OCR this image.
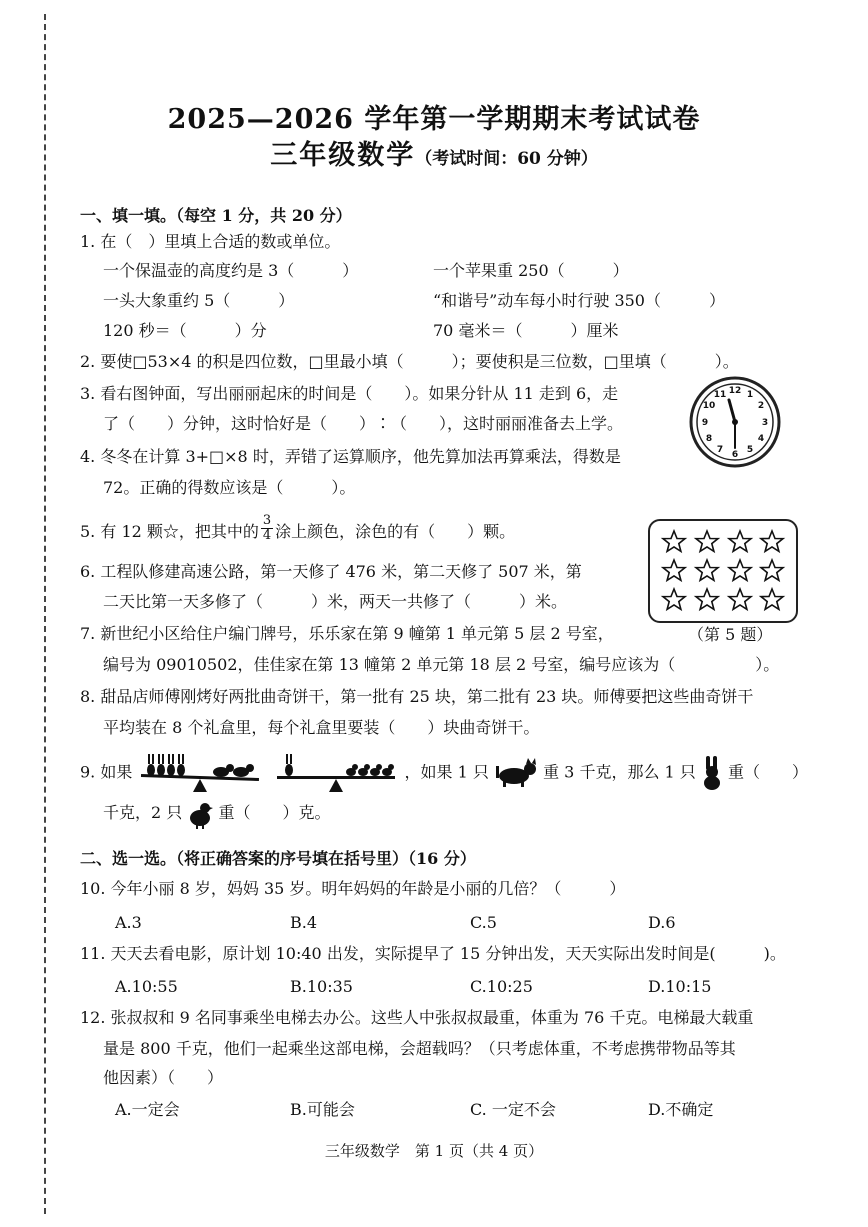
2025—2026 学年第一学期期末考试试卷
三年级数学（考试时间：60 分钟）
一、填一填。（每空 1 分，共 20 分）
1. 在（　）里填上合适的数或单位。
一个保温壶的高度约是 3（　　　）	一个苹果重 250（　　　）
一头大象重约 5（　　　）	“和谐号”动车每小时行驶 350（　　　）
120 秒＝（　　　）分	70 毫米＝（　　　）厘米
2. 要使□53×4 的积是四位数，□里最小填（　　　）；要使积是三位数，□里填（　　　）。
3. 看右图钟面，写出丽丽起床的时间是（　　）。如果分针从 11 走到 6，走
了（　　）分钟，这时恰好是（　　）∶（　　），这时丽丽准备去上学。
12 1
2
3
4
5
6
7
8
9
10
11
4. 冬冬在计算 3+□×8 时，弄错了运算顺序，他先算加法再算乘法，得数是
72。正确的得数应该是（　　　）。
5. 有 12 颗☆，把其中的 $\frac{3}{4}$ 涂上颜色，涂色的有（　　）颗。
（第 5 题）
6. 工程队修建高速公路，第一天修了 476 米，第二天修了 507 米，第
二天比第一天多修了（　　　）米，两天一共修了（　　　）米。
7. 新世纪小区给住户编门牌号，乐乐家在第 9 幢第 1 单元第 5 层 2 号室，
编号为 09010502，佳佳家在第 13 幢第 2 单元第 18 层 2 号室，编号应该为（　　　　　）。
8. 甜品店师傅刚烤好两批曲奇饼干，第一批有 25 块，第二批有 23 块。师傅要把这些曲奇饼干
平均装在 8 个礼盒里，每个礼盒里要装（　　）块曲奇饼干。
9. 如果	，如果 1 只	重 3 千克，那么 1 只 重（　　）
千克，2 只 重（　　）克。
二、选一选。（将正确答案的序号填在括号里）（16 分）
10. 今年小丽 8 岁，妈妈 35 岁。明年妈妈的年龄是小丽的几倍？（　　　）
A.3	B.4	C.5	D.6
11. 天天去看电影，原计划 10:40 出发，实际提早了 15 分钟出发，天天实际出发时间是(　　　)。
A.10:55	B.10:35	C.10:25	D.10:15
12. 张叔叔和 9 名同事乘坐电梯去办公。这些人中张叔叔最重，体重为 76 千克。电梯最大载重
量是 800 千克，他们一起乘坐这部电梯，会超载吗？（只考虑体重，不考虑携带物品等其
他因素）（　　）
A.一定会	B.可能会	C. 一定不会	D.不确定
三年级数学　第 1 页（共 4 页）
